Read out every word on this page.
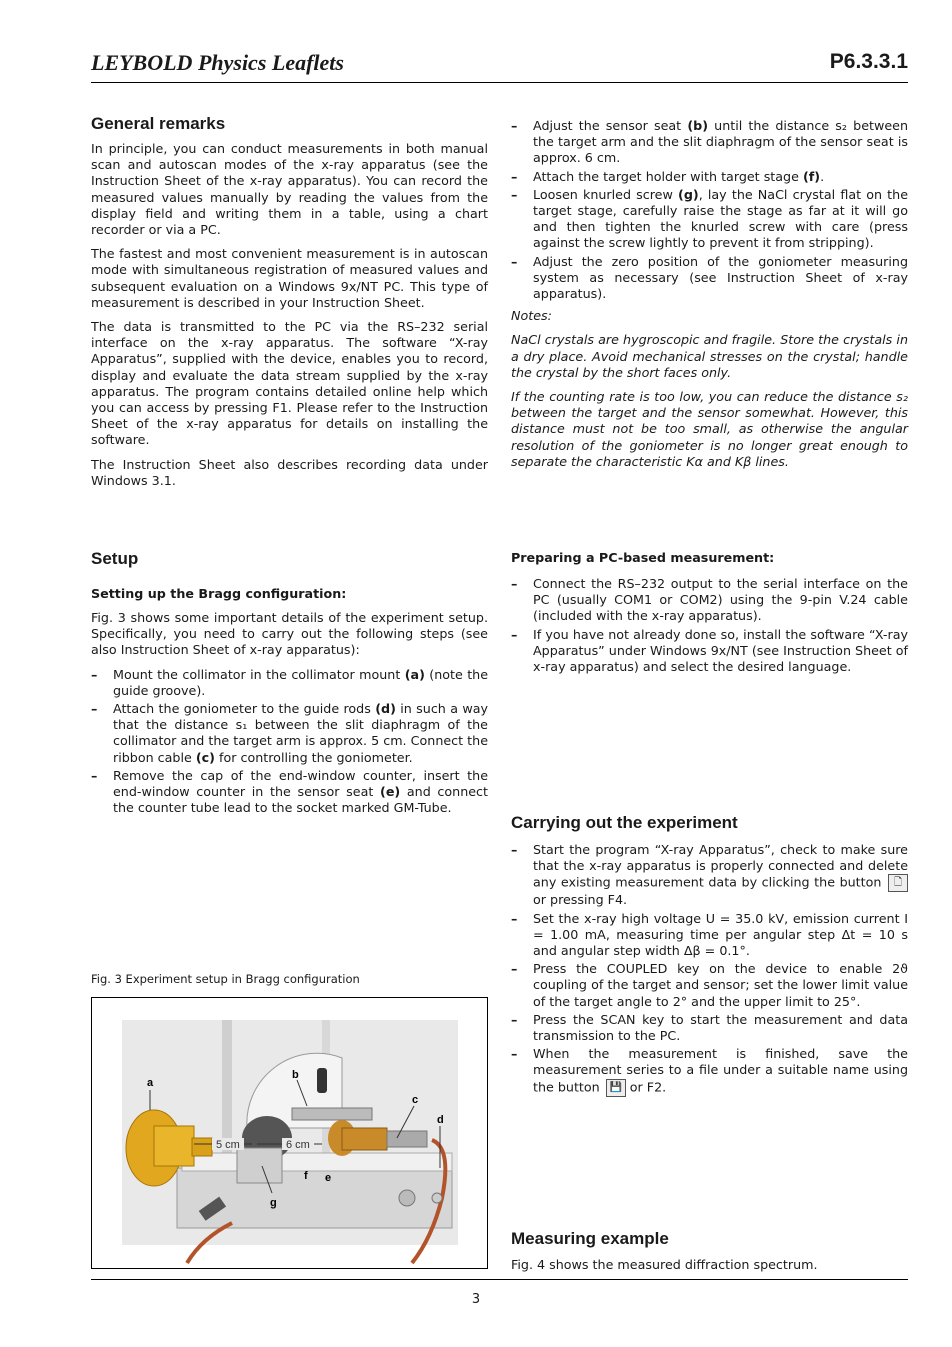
LEYBOLD Physics Leaflets	P6.3.3.1
General remarks

In principle, you can conduct measurements in both manual scan and autoscan modes of the x-ray apparatus (see the Instruction Sheet of the x-ray apparatus). You can record the measured values manually by reading the values from the display field and writing them in a table, using a chart recorder or via a PC.

The fastest and most convenient measurement is in autoscan mode with simultaneous registration of measured values and subsequent evaluation on a Windows 9x/NT PC. This type of measurement is described in your Instruction Sheet.

The data is transmitted to the PC via the RS–232 serial interface on the x-ray apparatus. The software “X-ray Apparatus”, supplied with the device, enables you to record, display and evaluate the data stream supplied by the x-ray apparatus. The program contains detailed online help which you can access by pressing F1. Please refer to the Instruction Sheet of the x-ray apparatus for details on installing the software.

The Instruction Sheet also describes recording data under Windows 3.1.

Setup
Setting up the Bragg configuration:

Fig. 3 shows some important details of the experiment setup. Specifically, you need to carry out the following steps (see also Instruction Sheet of x-ray apparatus):

– Mount the collimator in the collimator mount (a) (note the guide groove).
– Attach the goniometer to the guide rods (d) in such a way that the distance s₁ between the slit diaphragm of the collimator and the target arm is approx. 5 cm. Connect the ribbon cable (c) for controlling the goniometer.
– Remove the cap of the end-window counter, insert the end-window counter in the sensor seat (e) and connect the counter tube lead to the socket marked GM-Tube.
Fig. 3 Experiment setup in Bragg configuration
5 cm	6 cm
a
b
c
d
e
f
g
– Adjust the sensor seat (b) until the distance s₂ between the target arm and the slit diaphragm of the sensor seat is approx. 6 cm.
– Attach the target holder with target stage (f).
– Loosen knurled screw (g), lay the NaCl crystal flat on the target stage, carefully raise the stage as far at it will go and then tighten the knurled screw with care (press against the screw lightly to prevent it from stripping).
– Adjust the zero position of the goniometer measuring system as necessary (see Instruction Sheet of x-ray apparatus).

Notes:

NaCl crystals are hygroscopic and fragile. Store the crystals in a dry place. Avoid mechanical stresses on the crystal; handle the crystal by the short faces only.

If the counting rate is too low, you can reduce the distance s₂ between the target and the sensor somewhat. However, this distance must not be too small, as otherwise the angular resolution of the goniometer is no longer great enough to separate the characteristic Kα and Kβ lines.

Preparing a PC-based measurement:
– Connect the RS–232 output to the serial interface on the PC (usually COM1 or COM2) using the 9-pin V.24 cable (included with the x-ray apparatus).
– If you have not already done so, install the software “X-ray Apparatus” under Windows 9x/NT (see Instruction Sheet of x-ray apparatus) and select the desired language.
Carrying out the experiment
– Start the program “X-ray Apparatus”, check to make sure that the x-ray apparatus is properly connected and delete any existing measurement data by clicking the button 🗋 or pressing F4.
– Set the x-ray high voltage U = 35.0 kV, emission current I = 1.00 mA, measuring time per angular step Δt = 10 s and angular step width Δβ = 0.1°.
– Press the COUPLED key on the device to enable 2ϑ coupling of the target and sensor; set the lower limit value of the target angle to 2° and the upper limit to 25°.
– Press the SCAN key to start the measurement and data transmission to the PC.
– When the measurement is finished, save the measurement series to a file under a suitable name using the button 💾 or F2.
Measuring example
Fig. 4 shows the measured diffraction spectrum.
3
